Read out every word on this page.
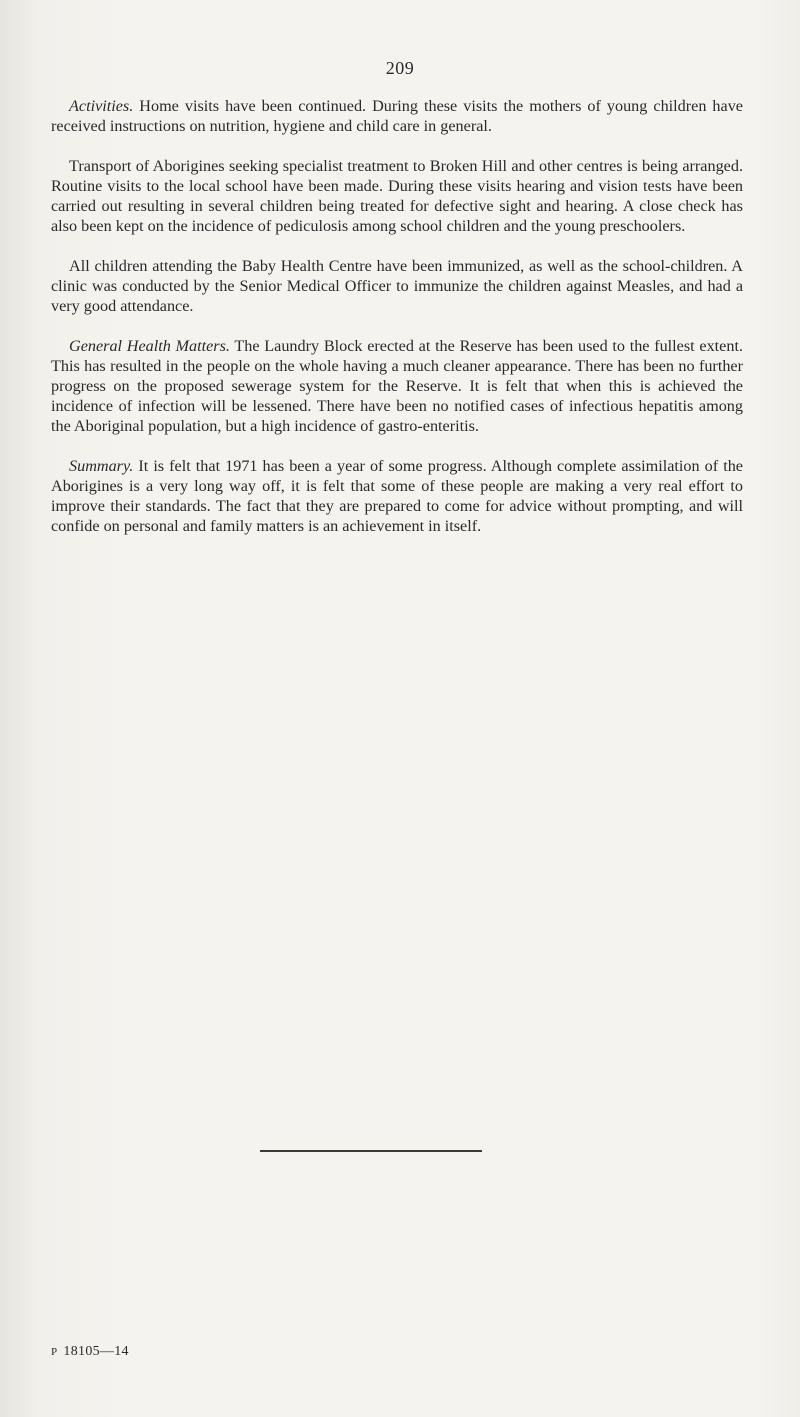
209

Activities. Home visits have been continued. During these visits the mothers of young children have received instructions on nutrition, hygiene and child care in general.

Transport of Aborigines seeking specialist treatment to Broken Hill and other centres is being arranged. Routine visits to the local school have been made. During these visits hearing and vision tests have been carried out resulting in several children being treated for defective sight and hearing. A close check has also been kept on the incidence of pediculosis among school children and the young preschoolers.

All children attending the Baby Health Centre have been immunized, as well as the school-children. A clinic was conducted by the Senior Medical Officer to immunize the children against Measles, and had a very good attendance.

General Health Matters. The Laundry Block erected at the Reserve has been used to the fullest extent. This has resulted in the people on the whole having a much cleaner appearance. There has been no further progress on the proposed sewerage system for the Reserve. It is felt that when this is achieved the incidence of infection will be lessened. There have been no notified cases of infectious hepatitis among the Aboriginal population, but a high incidence of gastro-enteritis.

Summary. It is felt that 1971 has been a year of some progress. Although complete assimilation of the Aborigines is a very long way off, it is felt that some of these people are making a very real effort to improve their standards. The fact that they are prepared to come for advice without prompting, and will confide on personal and family matters is an achievement in itself.

P 18105—14
